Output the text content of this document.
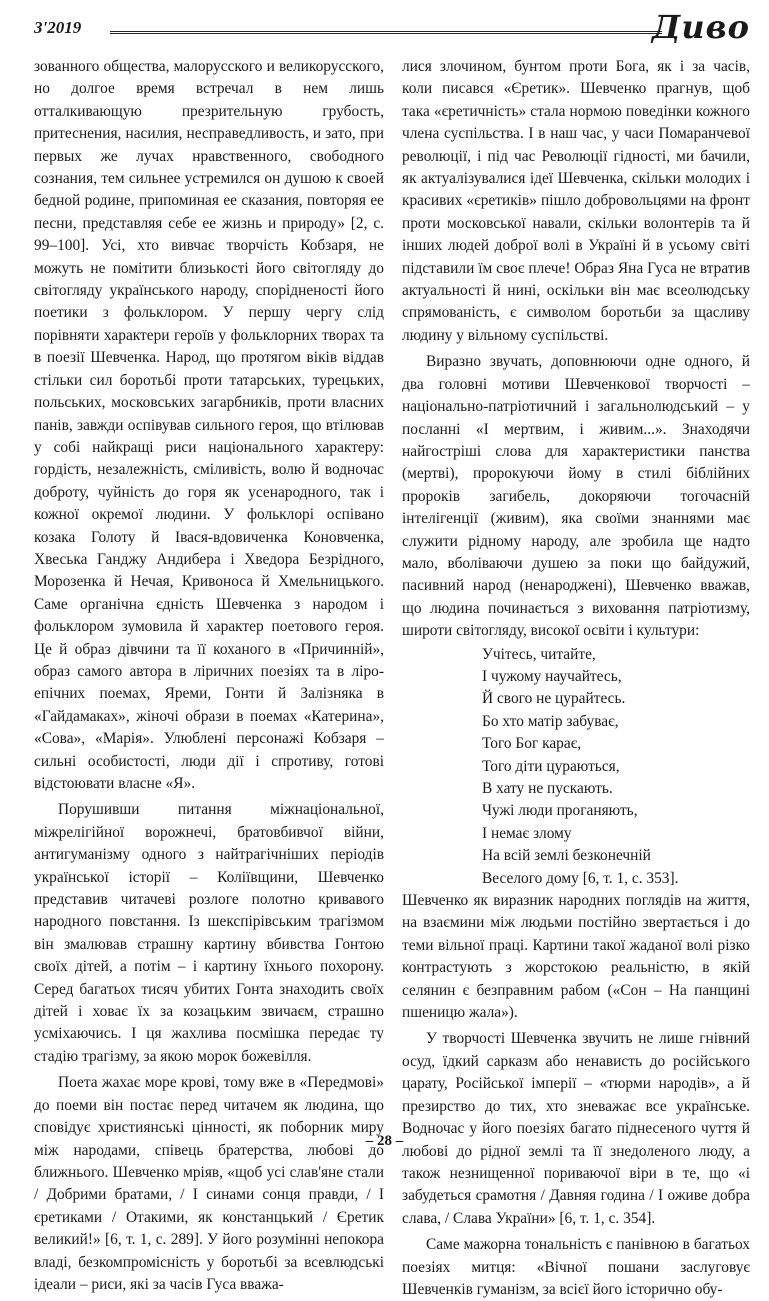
3'2019	Диво

зованного общества, малорусского и великорусского, но долгое время встречал в нем лишь отталкивающую презрительную грубость, притеснения, насилия, несправедливость, и зато, при первых же лучах нравственного, свободного сознания, тем сильнее устремился он душою к своей бедной родине, припоминая ее сказания, повторяя ее песни, представляя себе ее жизнь и природу» [2, с. 99–100]. Усі, хто вивчає творчість Кобзаря, не можуть не помітити близькості його світогляду до світогляду українського народу, спорідненості його поетики з фольклором. У першу чергу слід порівняти характери героїв у фольклорних творах та в поезії Шевченка. Народ, що протягом віків віддав стільки сил боротьбі проти татарських, турецьких, польських, московських загарбників, проти власних панів, завжди оспівував сильного героя, що втілював у собі найкращі риси національного характеру: гордість, незалежність, сміливість, волю й водночас доброту, чуйність до горя як усенародного, так і кожної окремої людини. У фольклорі оспівано козака Голоту й Івася-вдовиченка Коновченка, Хвеська Ганджу Андибера і Хведора Безрідного, Морозенка й Нечая, Кривоноса й Хмельницького. Саме органічна єдність Шевченка з народом і фольклором зумовила й характер поетового героя. Це й образ дівчини та її коханого в «Причинній», образ самого автора в ліричних поезіях та в ліро-епічних поемах, Яреми, Гонти й Залізняка в «Гайдамаках», жіночі образи в поемах «Катерина», «Сова», «Марія». Улюблені персонажі Кобзаря – сильні особистості, люди дії і спротиву, готові відстоювати власне «Я».

Порушивши питання міжнаціональної, міжрелігійної ворожнечі, братовбивчої війни, антигуманізму одного з найтрагічніших періодів української історії – Коліївщини, Шевченко представив читачеві розлоге полотно кривавого народного повстання. Із шекспірівським трагізмом він змалював страшну картину вбивства Гонтою своїх дітей, а потім – і картину їхнього похорону. Серед багатьох тисяч убитих Гонта знаходить своїх дітей і ховає їх за козацьким звичаєм, страшно усміхаючись. І ця жахлива посмішка передає ту стадію трагізму, за якою морок божевілля.

Поета жахає море крові, тому вже в «Передмові» до поеми він постає перед читачем як людина, що сповідує християнські цінності, як поборник миру між народами, співець братерства, любові до ближнього. Шевченко мріяв, «щоб усі слав'яне стали / Добрими братами, / І синами сонця правди, / І єретиками / Отакими, як констанцький / Єретик великий!» [6, т. 1, с. 289]. У його розумінні непокора владі, безкомпромісність у боротьбі за всевлюдські ідеали – риси, які за часів Гуса вважа-

лися злочином, бунтом проти Бога, як і за часів, коли писався «Єретик». Шевченко прагнув, щоб така «єретичність» стала нормою поведінки кожного члена суспільства. І в наш час, у часи Помаранчевої революції, і під час Революції гідності, ми бачили, як актуалізувалися ідеї Шевченка, скільки молодих і красивих «єретиків» пішло добровольцями на фронт проти московської навали, скільки волонтерів та й інших людей доброї волі в Україні й в усьому світі підставили їм своє плече! Образ Яна Гуса не втратив актуальності й нині, оскільки він має всеолюдську спрямованість, є символом боротьби за щасливу людину у вільному суспільстві.

Виразно звучать, доповнюючи одне одного, й два головні мотиви Шевченкової творчості – національно-патріотичний і загальнолюдський – у посланні «І мертвим, і живим...». Знаходячи найгостріші слова для характеристики панства (мертві), пророкуючи йому в стилі біблійних пророків загибель, докоряючи тогочасній інтелігенції (живим), яка своїми знаннями має служити рідному народу, але зробила ще надто мало, вболіваючи душею за поки що байдужий, пасивний народ (ненароджені), Шевченко вважав, що людина починається з виховання патріотизму, широти світогляду, високої освіти і культури:

Учітесь, читайте,
І чужому научайтесь,
Й свого не цурайтесь.
Бо хто матір забуває,
Того Бог карає,
Того діти цураються,
В хату не пускають.
Чужі люди проганяють,
І немає злому
На всій землі безконечній
Веселого дому [6, т. 1, с. 353].

Шевченко як виразник народних поглядів на життя, на взаємини між людьми постійно звертається і до теми вільної праці. Картини такої жаданої волі різко контрастують з жорстокою реальністю, в якій селянин є безправним рабом («Сон – На панщині пшеницю жала»).

У творчості Шевченка звучить не лише гнівний осуд, їдкий сарказм або ненависть до російського царату, Російської імперії – «тюрми народів», а й презирство до тих, хто зневажає все українське. Водночас у його поезіях багато піднесеного чуття й любові до рідної землі та її знедоленого люду, а також незнищенної пориваючої віри в те, що «і забудеться срамотня / Давняя година / І оживе добра слава, / Слава України» [6, т. 1, с. 354].

Саме мажорна тональність є панівною в багатьох поезіях митця: «Вічної пошани заслуговує Шевченків гуманізм, за всієї його історично обу-

– 28 –
